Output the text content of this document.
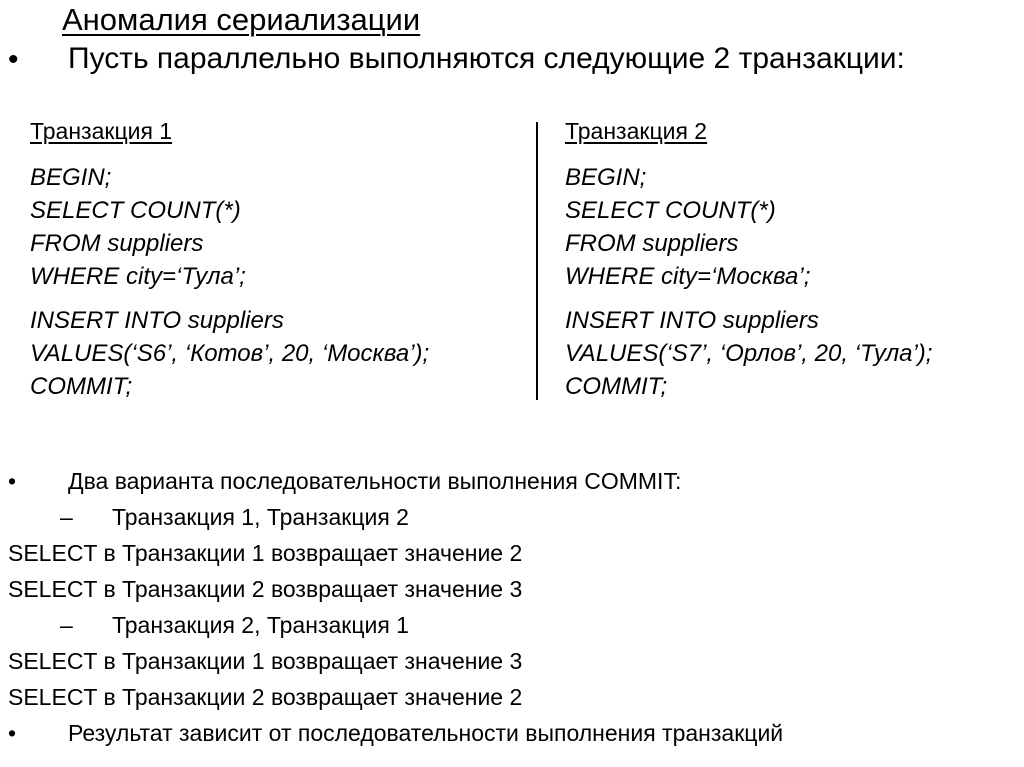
Аномалия сериализации
• Пусть параллельно выполняются следующие 2 транзакции:
Транзакция 1
BEGIN;
SELECT COUNT(*)
FROM suppliers
WHERE city=‘Тула’;
INSERT INTO suppliers
VALUES(‘S6’, ‘Котов’, 20, ‘Москва’);
COMMIT;
Транзакция 2
BEGIN;
SELECT COUNT(*)
FROM suppliers
WHERE city=‘Москва’;
INSERT INTO suppliers
VALUES(‘S7’, ‘Орлов’, 20, ‘Тула’);
COMMIT;
• Два варианта последовательности выполнения COMMIT:
– Транзакция 1, Транзакция 2
SELECT в Транзакции 1 возвращает значение 2
SELECT в Транзакции 2 возвращает значение 3
– Транзакция 2, Транзакция 1
SELECT в Транзакции 1 возвращает значение 3
SELECT в Транзакции 2 возвращает значение 2
• Результат зависит от последовательности выполнения транзакций
